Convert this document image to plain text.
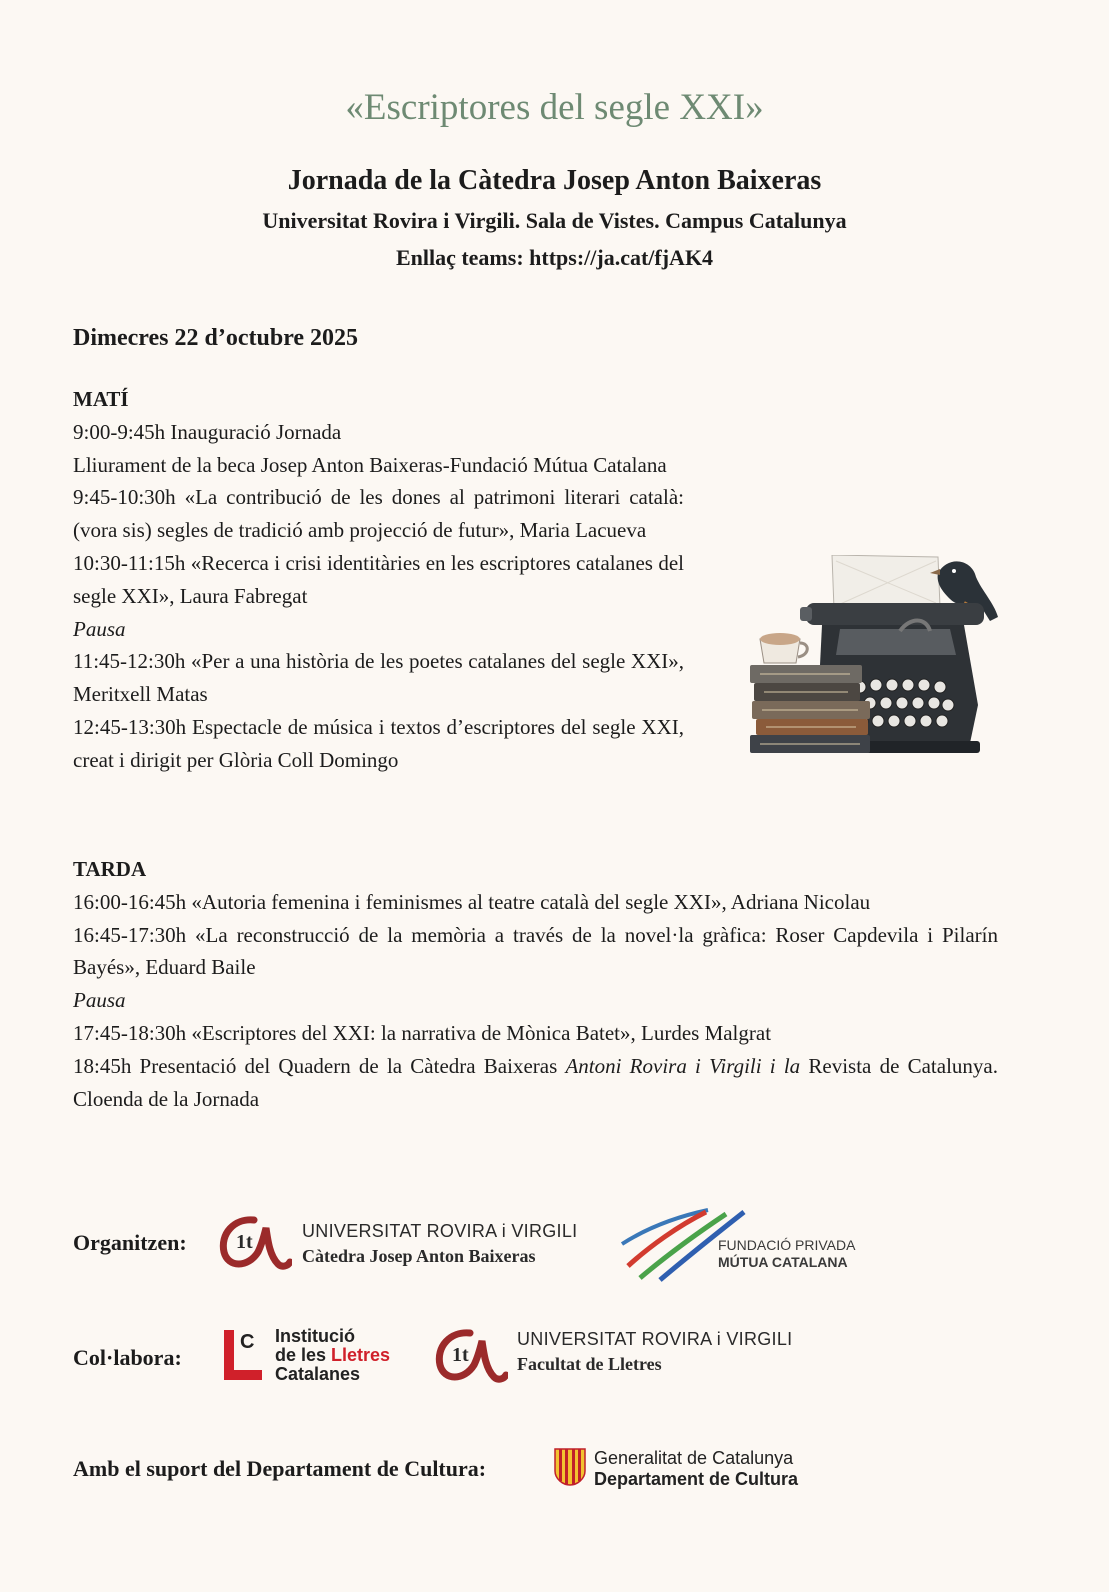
«Escriptores del segle XXI»
Jornada de la Càtedra Josep Anton Baixeras
Universitat Rovira i Virgili. Sala de Vistes. Campus Catalunya
Enllaç teams: https://ja.cat/fjAK4
Dimecres 22 d’octubre 2025

MATÍ

9:00-9:45h Inauguració Jornada

Lliurament de la beca Josep Anton Baixeras-Fundació Mútua Catalana

9:45-10:30h «La contribució de les dones al patrimoni literari català: (vora sis) segles de tradició amb projecció de futur», Maria Lacueva

10:30-11:15h «Recerca i crisi identitàries en les escriptores catalanes del segle XXI», Laura Fabregat

Pausa

11:45-12:30h «Per a una història de les poetes catalanes del segle XXI», Meritxell Matas

12:45-13:30h Espectacle de música i textos d’escriptores del segle XXI, creat i dirigit per Glòria Coll Domingo

TARDA

16:00-16:45h «Autoria femenina i feminismes al teatre català del segle XXI», Adriana Nicolau

16:45-17:30h «La reconstrucció de la memòria a través de la novel·la gràfica: Roser Capdevila i Pilarín Bayés», Eduard Baile

Pausa

17:45-18:30h «Escriptores del XXI: la narrativa de Mònica Batet», Lurdes Malgrat

18:45h Presentació del Quadern de la Càtedra Baixeras Antoni Rovira i Virgili i la Revista de Catalunya. Cloenda de la Jornada

Organitzen: 1t	UNIVERSITAT ROVIRA i VIRGILI
Càtedra Josep Anton Baixeras
FUNDACIÓ PRIVADA
MÚTUA CATALANA
Col·labora:
C Institució
de les Lletres
Catalanes
1t
UNIVERSITAT ROVIRA i VIRGILI
Facultat de Lletres
Amb el suport del Departament de Cultura:	Generalitat de Catalunya
Departament de Cultura
